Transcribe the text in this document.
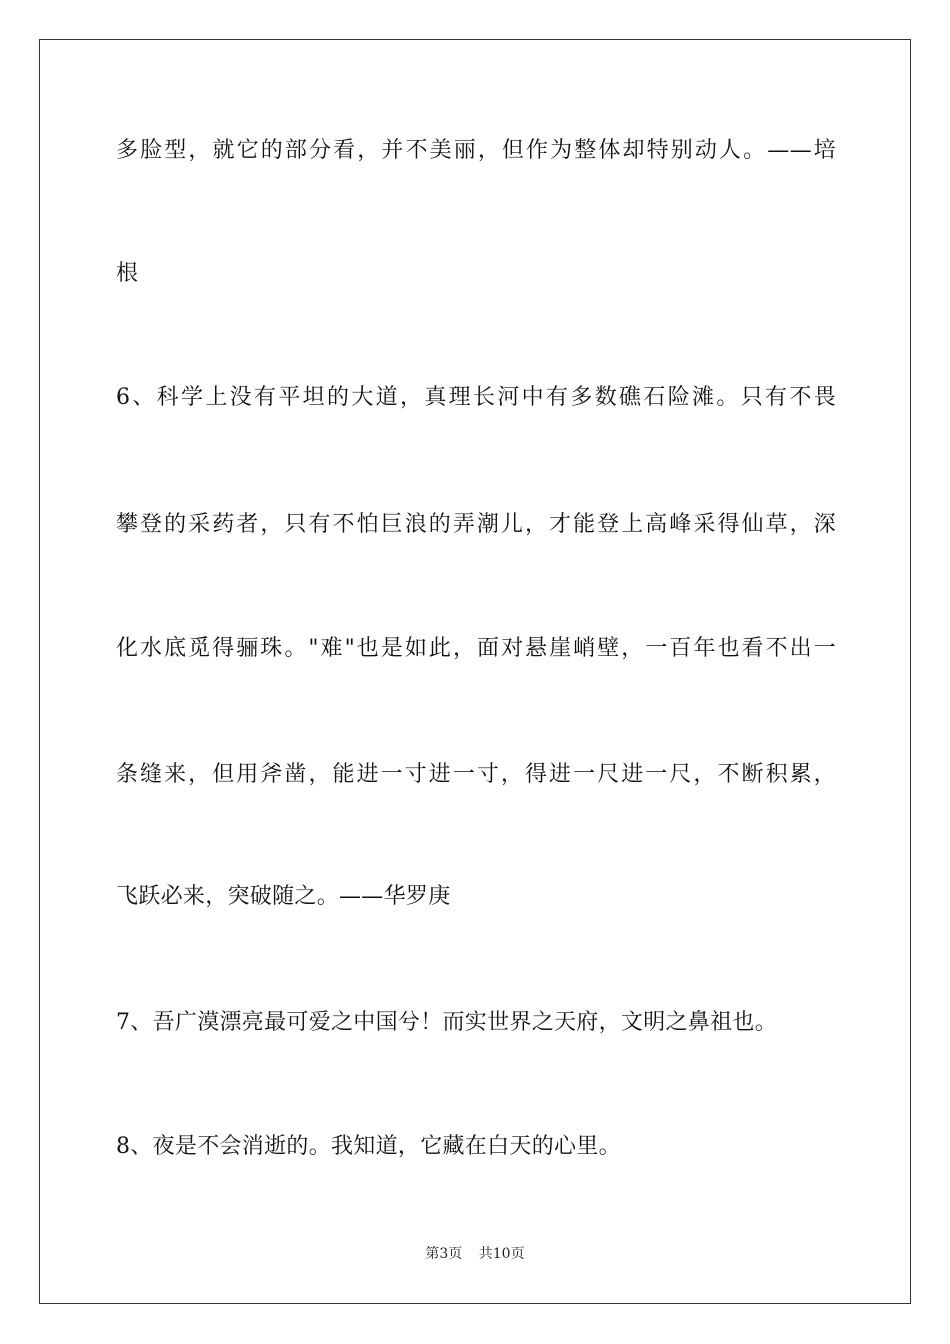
多脸型，就它的部分看，并不美丽，但作为整体却特别动人。——培
根
6、科学上没有平坦的大道，真理长河中有多数礁石险滩。只有不畏
攀登的采药者，只有不怕巨浪的弄潮儿，才能登上高峰采得仙草，深
化水底觅得骊珠。"难"也是如此，面对悬崖峭壁，一百年也看不出一
条缝来，但用斧凿，能进一寸进一寸，得进一尺进一尺，不断积累，
飞跃必来，突破随之。——华罗庚
7、吾广漠漂亮最可爱之中国兮！而实世界之天府，文明之鼻祖也。
8、夜是不会消逝的。我知道，它藏在白天的心里。
第3页 共10页
